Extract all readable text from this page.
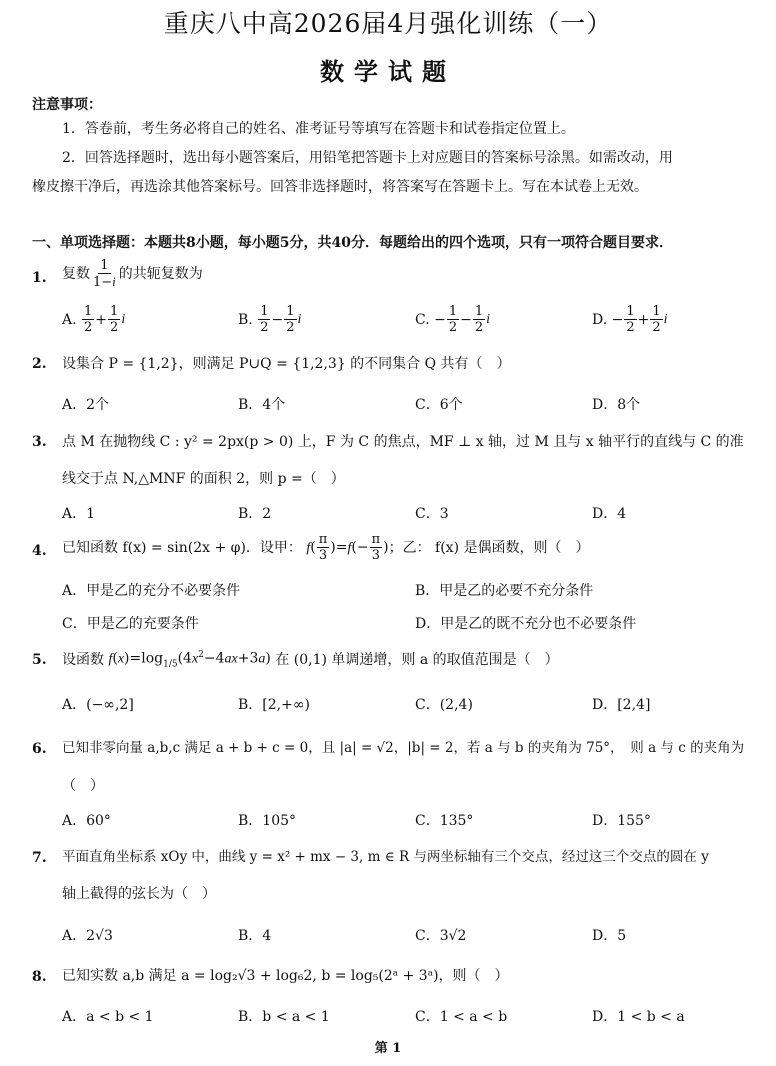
重庆八中高2026届4月强化训练（一）
数学试题
注意事项：
1．答卷前，考生务必将自己的姓名、准考证号等填写在答题卡和试卷指定位置上。
2．回答选择题时，选出每小题答案后，用铅笔把答题卡上对应题目的答案标号涂黑。如需改动，用
橡皮擦干净后，再选涂其他答案标号。回答非选择题时，将答案写在答题卡上。写在本试卷上无效。
一、单项选择题：本题共8小题，每小题5分，共40分．每题给出的四个选项，只有一项符合题目要求．
1. 复数 $\frac{1}{1-i}$ 的共轭复数为
A.
$\frac{1}{2} + \frac{1}{2}$ i	B.
$\frac{1}{2} - \frac{1}{2}$ i	C. − $\frac{1}{2} - \frac{1}{2}$ i	D. − $\frac{1}{2} + \frac{1}{2}$ i
2. 设集合 P = {1,2}，则满足 P∪Q = {1,2,3} 的不同集合 Q 共有（　）
A．2个	B．4个	C．6个	D．8个
3. 点 M 在抛物线 C : y² = 2px(p > 0) 上，F 为 C 的焦点，MF ⊥ x 轴，过 M 且与 x 轴平行的直线与 C 的准
线交于点 N,△MNF 的面积 2，则 p =（　）
A．1	B．2	C．3	D．4
4. 已知函数 f(x) = sin(2x + φ)．设甲： $f( \frac{\pi}{3} )=f(- \frac{\pi}{3}$ ) ；乙： f(x) 是偶函数，则（　）
A．甲是乙的充分不必要条件	B．甲是乙的必要不充分条件
C．甲是乙的充要条件	D．甲是乙的既不充分也不必要条件
5. 设函数 $f(x)=\log_{1/5}(4x^2-4ax+3a)$ 在 (0,1) 单调递增，则 a 的取值范围是（　）
A．(−∞,2]	B．[2,+∞)	C．(2,4)	D．[2,4]
6. 已知非零向量 a,b,c 满足 a + b + c = 0，且 |a| = √2，|b| = 2，若 a 与 b 的夹角为 75°，　则 a 与 c 的夹角为
（　）
A．60°	B．105°	C．135°	D．155°
7. 平面直角坐标系 xOy 中，曲线 y = x² + mx − 3, m ∈ R 与两坐标轴有三个交点，经过这三个交点的圆在 y
轴上截得的弦长为（　）
A．2√3	B．4	C．3√2	D．5
8. 已知实数 a,b 满足 a = log₂√3 + log₆2, b = log₅(2ᵃ + 3ᵃ)，则（　）
A．a < b < 1	B．b < a < 1	C．1 < a < b	D．1 < b < a
第 1
